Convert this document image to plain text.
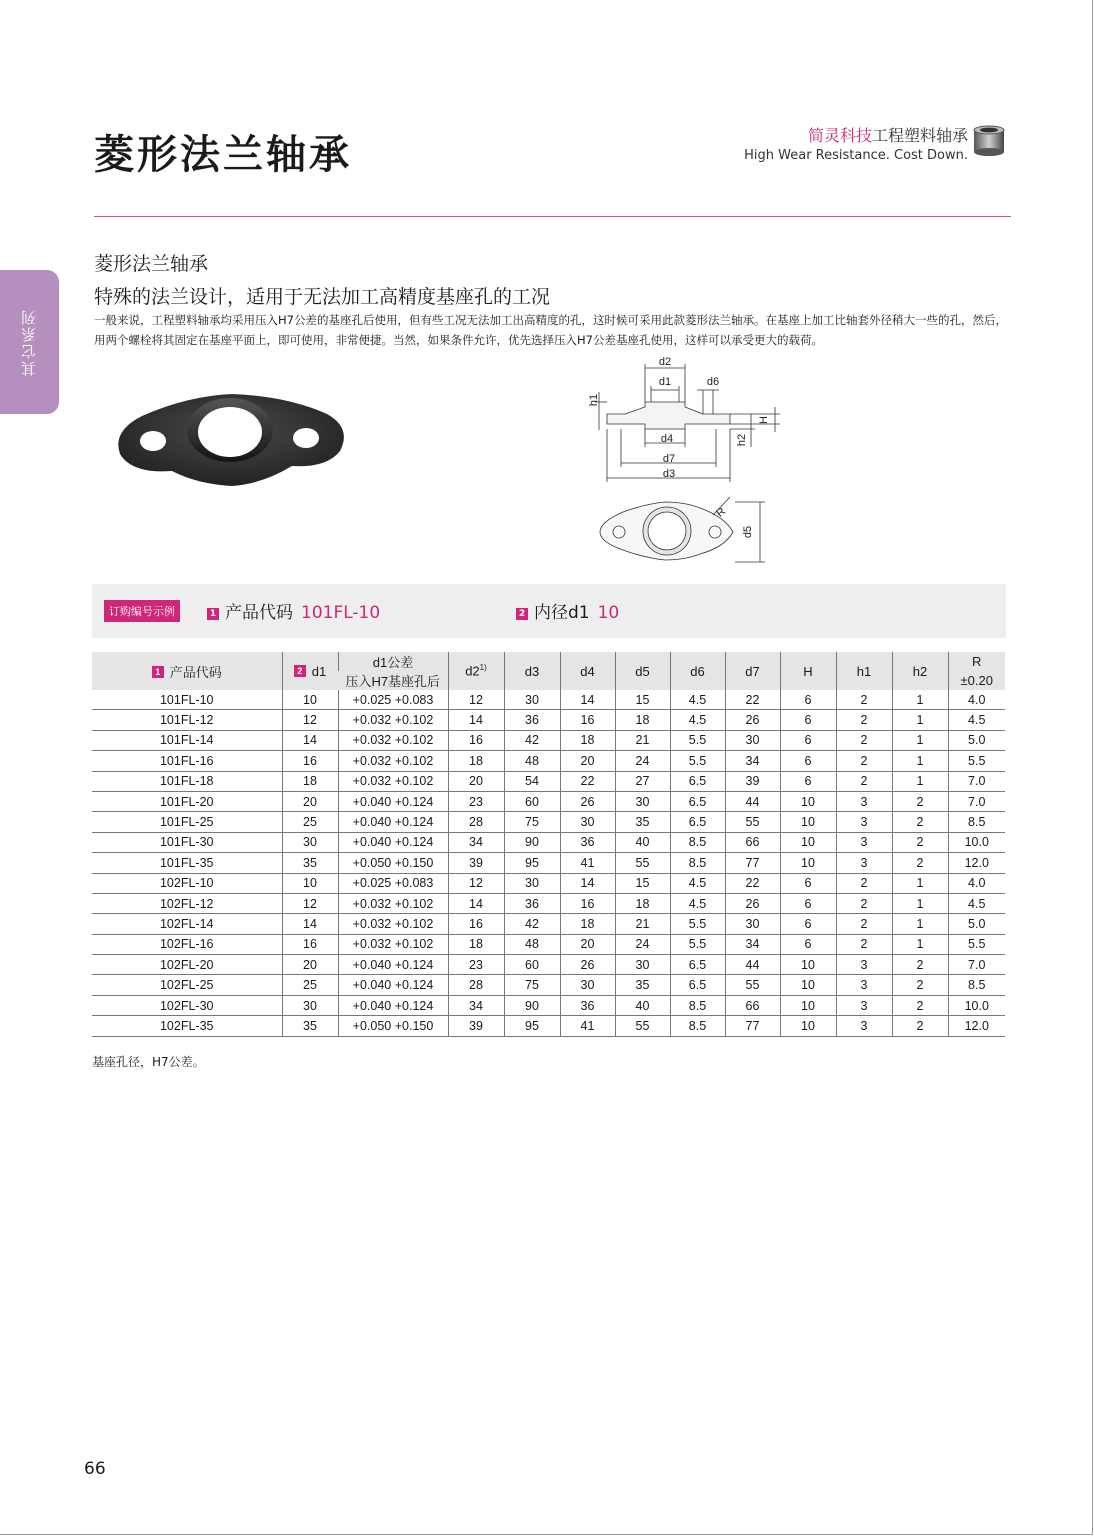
其它系列
菱形法兰轴承	简灵科技工程塑料轴承
High Wear Resistance. Cost Down.
菱形法兰轴承
特殊的法兰设计，适用于无法加工高精度基座孔的工况
一般来说，工程塑料轴承均采用压入H7公差的基座孔后使用，但有些工况无法加工出高精度的孔，这时候可采用此款菱形法兰轴承。在基座上加工比轴套外径稍大一些的孔，然后，用两个螺栓将其固定在基座平面上，即可使用，非常便捷。当然，如果条件允许，优先选择压入H7公差基座孔使用，这样可以承受更大的载荷。
d2
d1	d6
h1
H
d4	h2
d7
d3
R
d5
订购编号示例	1 产品代码 101FL-10	2 内径d1 10
1 产品代码	2 d1	d1公差	d2$^{1)}$	d3	d4	d5	d6	d7	H	h1	h2	R
		压入H7基座孔后										±0.20
101FL-10	10	+0.025 +0.083	12	30	14	15	4.5	22	6	2	1	4.0
101FL-12	12	+0.032 +0.102	14	36	16	18	4.5	26	6	2	1	4.5
101FL-14	14	+0.032 +0.102	16	42	18	21	5.5	30	6	2	1	5.0
101FL-16	16	+0.032 +0.102	18	48	20	24	5.5	34	6	2	1	5.5
101FL-18	18	+0.032 +0.102	20	54	22	27	6.5	39	6	2	1	7.0
101FL-20	20	+0.040 +0.124	23	60	26	30	6.5	44	10	3	2	7.0
101FL-25	25	+0.040 +0.124	28	75	30	35	6.5	55	10	3	2	8.5
101FL-30	30	+0.040 +0.124	34	90	36	40	8.5	66	10	3	2	10.0
101FL-35	35	+0.050 +0.150	39	95	41	55	8.5	77	10	3	2	12.0
102FL-10	10	+0.025 +0.083	12	30	14	15	4.5	22	6	2	1	4.0
102FL-12	12	+0.032 +0.102	14	36	16	18	4.5	26	6	2	1	4.5
102FL-14	14	+0.032 +0.102	16	42	18	21	5.5	30	6	2	1	5.0
102FL-16	16	+0.032 +0.102	18	48	20	24	5.5	34	6	2	1	5.5
102FL-20	20	+0.040 +0.124	23	60	26	30	6.5	44	10	3	2	7.0
102FL-25	25	+0.040 +0.124	28	75	30	35	6.5	55	10	3	2	8.5
102FL-30	30	+0.040 +0.124	34	90	36	40	8.5	66	10	3	2	10.0
102FL-35	35	+0.050 +0.150	39	95	41	55	8.5	77	10	3	2	12.0
基座孔径，H7公差。
66
